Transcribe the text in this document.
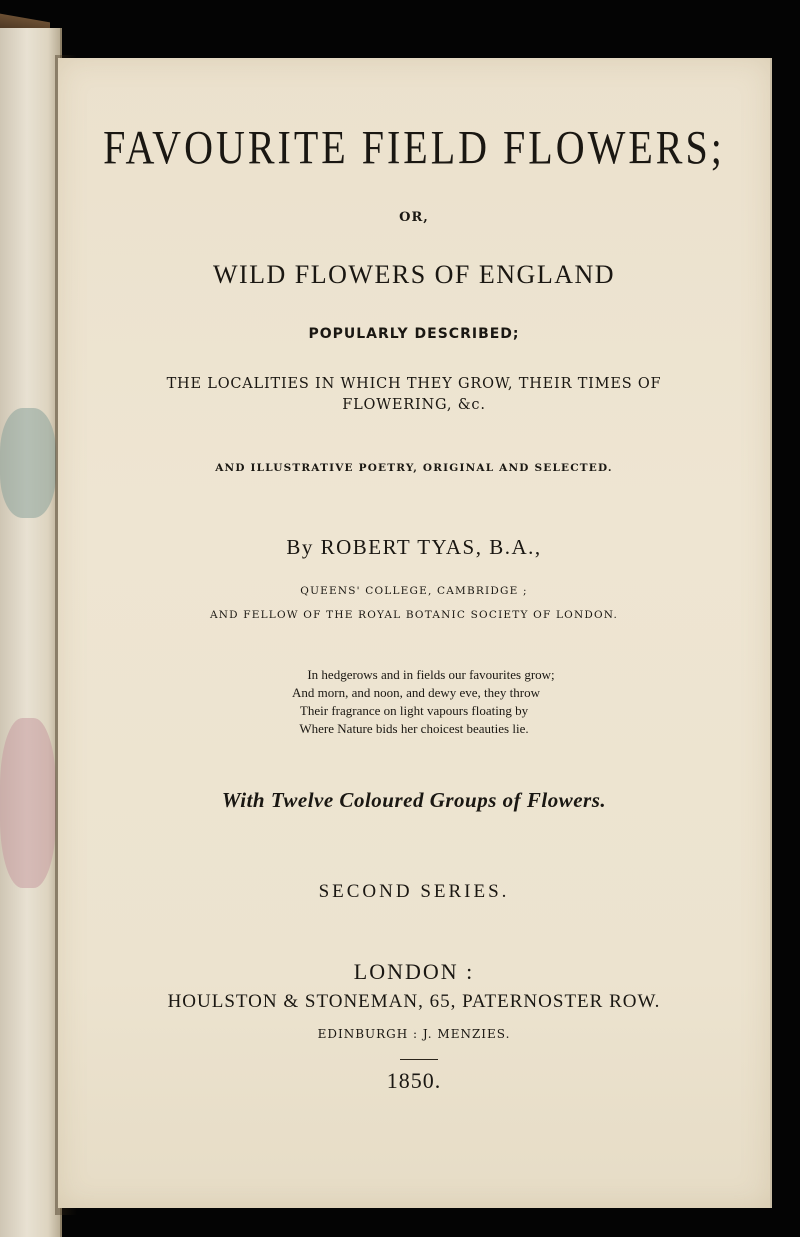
FAVOURITE FIELD FLOWERS;
OR,
WILD FLOWERS OF ENGLAND
POPULARLY DESCRIBED;
THE LOCALITIES IN WHICH THEY GROW, THEIR TIMES OF
FLOWERING, &c.
AND ILLUSTRATIVE POETRY, ORIGINAL AND SELECTED.
By ROBERT TYAS, B.A.,
QUEENS' COLLEGE, CAMBRIDGE ;
AND FELLOW OF THE ROYAL BOTANIC SOCIETY OF LONDON.
In hedgerows and in fields our favourites grow;
And morn, and noon, and dewy eve, they throw
Their fragrance on light vapours floating by
Where Nature bids her choicest beauties lie.
With Twelve Coloured Groups of Flowers.
SECOND SERIES.
LONDON :
HOULSTON & STONEMAN, 65, PATERNOSTER ROW.
EDINBURGH : J. MENZIES.
1850.
